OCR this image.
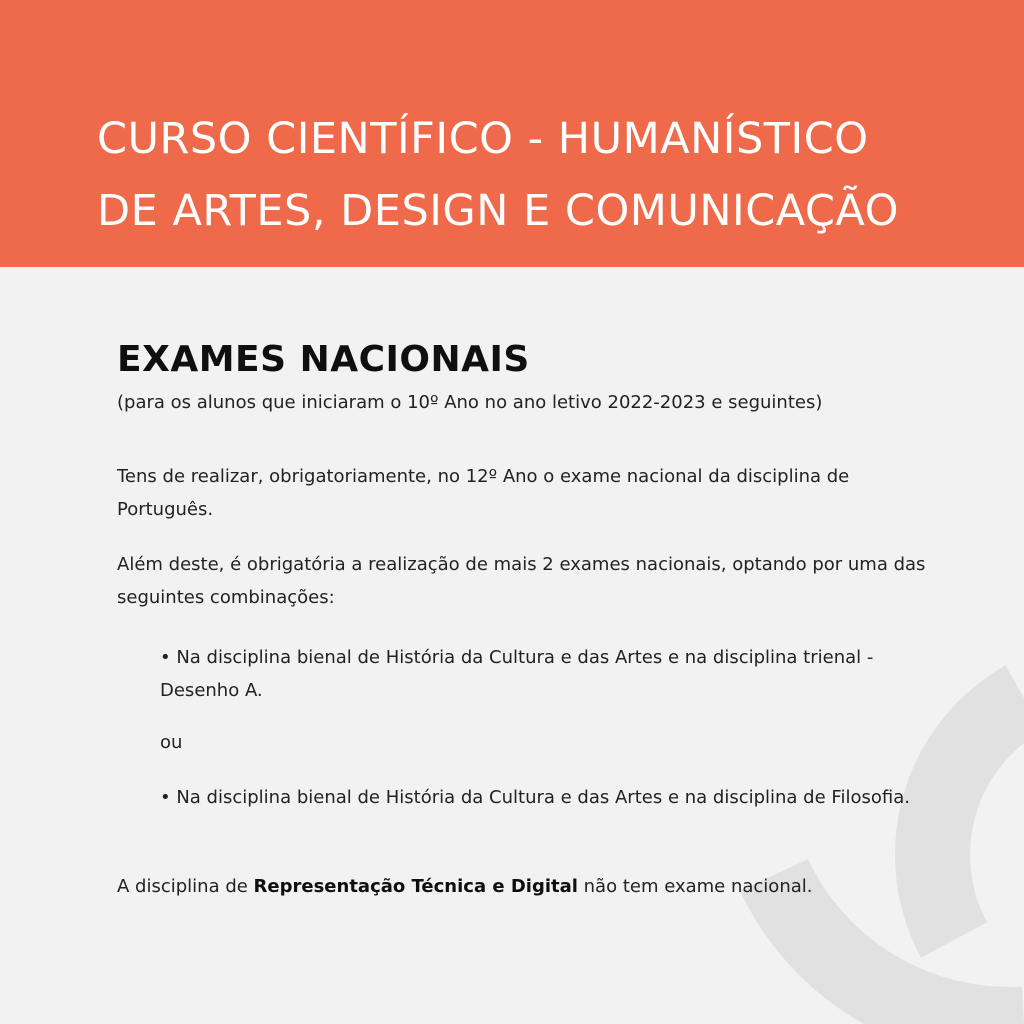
CURSO CIENTÍFICO - HUMANÍSTICO
DE ARTES, DESIGN E COMUNICAÇÃO
EXAMES NACIONAIS
(para os alunos que iniciaram o 10º Ano no ano letivo 2022-2023 e seguintes)
Tens de realizar, obrigatoriamente, no 12º Ano o exame nacional da disciplina de Português.
Além deste, é obrigatória a realização de mais 2 exames nacionais, optando por uma das seguintes combinações:
• Na disciplina bienal de História da Cultura e das Artes e na disciplina trienal - Desenho A.
ou
• Na disciplina bienal de História da Cultura e das Artes e na disciplina de Filosofia.
A disciplina de Representação Técnica e Digital não tem exame nacional.
